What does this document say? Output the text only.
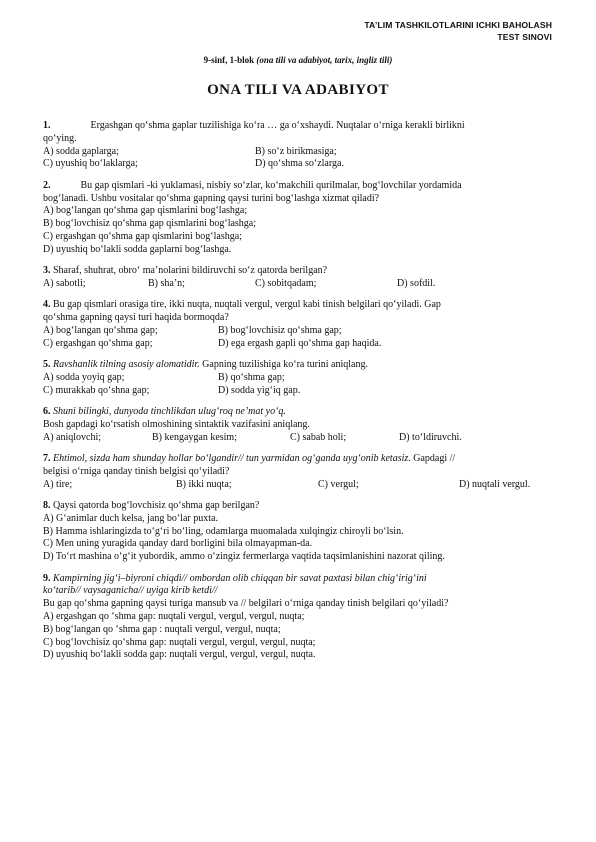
TA’LIM TASHKILOTLARINI ICHKI BAHOLASH
TEST SINOVI
9-sinf, 1-blok (ona tili va adabiyot, tarix, ingliz tili)
ONA TILI VA ADABIYOT
1.	Ergashgan qo‘shma gaplar tuzilishiga ko‘ra … ga o‘xshaydi. Nuqtalar o‘rniga kerakli birlikni
qo‘ying.
A) sodda gaplarga;	B) so‘z birikmasiga;
C) uyushiq bo‘laklarga;	D) qo‘shma so‘zlarga.
2.	Bu gap qismlari -ki yuklamasi, nisbiy so‘zlar, ko‘makchili qurilmalar, bog‘lovchilar yordamida
bog‘lanadi. Ushbu vositalar qo‘shma gapning qaysi turini bog‘lashga xizmat qiladi?
A) bog‘langan qo‘shma gap qismlarini bog‘lashga;
B) bog‘lovchisiz qo‘shma gap qismlarini bog‘lashga;
C) ergashgan qo‘shma gap qismlarini bog‘lashga;
D) uyushiq bo‘lakli sodda gaplarni bog‘lashga.
3. Sharaf, shuhrat, obro‘ ma’nolarini bildiruvchi so‘z qatorda berilgan?
A) sabotli;	B) sha’n;	C) sobitqadam;	D) sofdil.
4. Bu gap qismlari orasiga tire, ikki nuqta, nuqtali vergul, vergul kabi tinish belgilari qo‘yiladi. Gap
qo‘shma gapning qaysi turi haqida bormoqda?
A) bog‘langan qo‘shma gap;	B) bog‘lovchisiz qo‘shma gap;
C) ergashgan qo‘shma gap;	D) ega ergash gapli qo‘shma gap haqida.
5. Ravshanlik tilning asosiy alomatidir. Gapning tuzilishiga ko‘ra turini aniqlang.
A) sodda yoyiq gap;	B) qo‘shma gap;
C) murakkab qo‘shna gap;	D) sodda yig‘iq gap.
6. Shuni bilingki, dunyoda tinchlikdan ulug‘roq ne’mat yo‘q.
Bosh gapdagi ko‘rsatish olmoshining sintaktik vazifasini aniqlang.
A) aniqlovchi;	B) kengaygan kesim;	C) sabab holi;	D) to‘ldiruvchi.
7. Ehtimol, sizda ham shunday hollar bo‘lgandir// tun yarmidan og‘ganda uyg‘onib ketasiz. Gapdagi //
belgisi o‘rniga qanday tinish belgisi qo‘yiladi?
A) tire;	B) ikki nuqta;	C) vergul;	D) nuqtali vergul.
8. Qaysi qatorda bog‘lovchisiz qo‘shma gap berilgan?
A) G‘animlar duch kelsa, jang bo‘lar puxta.
B) Hamma ishlaringizda to‘g‘ri bo‘ling, odamlarga muomalada xulqingiz chiroyli bo‘lsin.
C) Men uning yuragida qanday dard borligini bila olmayapman-da.
D) To‘rt mashina o‘g‘it yubordik, ammo o‘zingiz fermerlarga vaqtida taqsimlanishini nazorat qiling.
9. Kampirning jig‘i–biyroni chiqdi// ombordan olib chiqqan bir savat paxtasi bilan chig‘irig‘ini
ko‘tarib// vaysaganicha// uyiga kirib ketdi//
Bu gap qo‘shma gapning qaysi turiga mansub va // belgilari o‘rniga qanday tinish belgilari qo‘yiladi?
A) ergashgan qo ‘shma gap: nuqtali vergul, vergul, vergul, nuqta;
B) bog‘langan qo ‘shma gap : nuqtali vergul, vergul, nuqta;
C) bog‘lovchisiz qo‘shma gap: nuqtali vergul, vergul, vergul, nuqta;
D) uyushiq bo‘lakli sodda gap: nuqtali vergul, vergul, vergul, nuqta.
